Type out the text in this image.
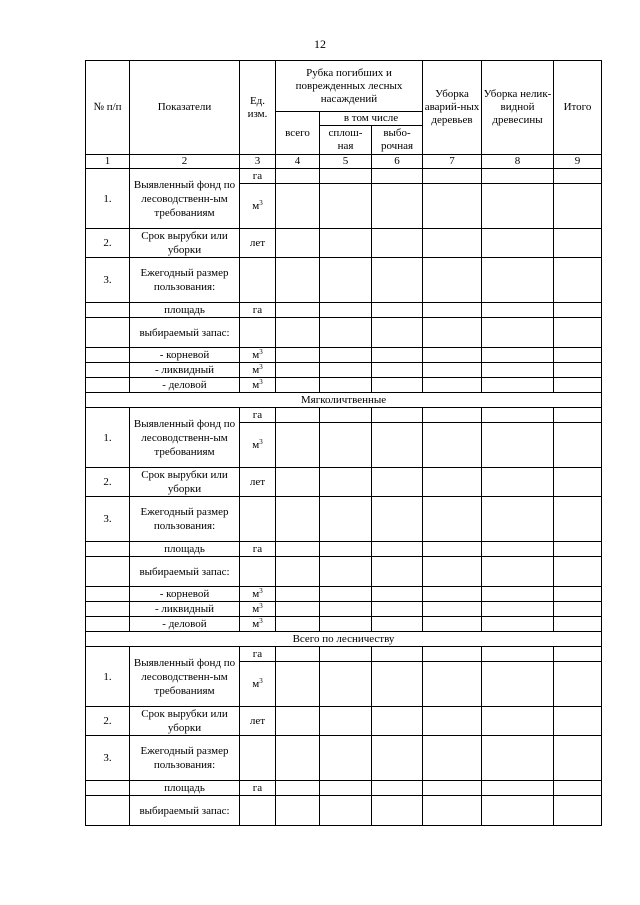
12
№ п/п	Показатели	Ед. изм.	Рубка погибших и поврежденных лесных насаждений			Уборка аварий-ных деревьев	Уборка нелик-видной древесины	Итого
			всего	в том числе				
				сплош-ная	выбо-рочная			
1	2	3	4	5	6	7	8	9
1.	Выявленный фонд по лесоводственн-ым требованиям	га						
		$м^3$						
2.	Срок вырубки или уборки	лет						
3.	Ежегодный размер пользования:							
	площадь	га						
	выбираемый запас:							
	- корневой	$м^3$						
	- ликвидный	$м^3$						
	- деловой	$м^3$						
Мягколичтвенные								
1.	Выявленный фонд по лесоводственн-ым требованиям	га						
		$м^3$						
2.	Срок вырубки или уборки	лет						
3.	Ежегодный размер пользования:							
	площадь	га						
	выбираемый запас:							
	- корневой	$м^3$						
	- ликвидный	$м^3$						
	- деловой	$м^3$						
Всего по лесничеству								
1.	Выявленный фонд по лесоводственн-ым требованиям	га						
		$м^3$						
2.	Срок вырубки или уборки	лет						
3.	Ежегодный размер пользования:							
	площадь	га						
	выбираемый запас:							
